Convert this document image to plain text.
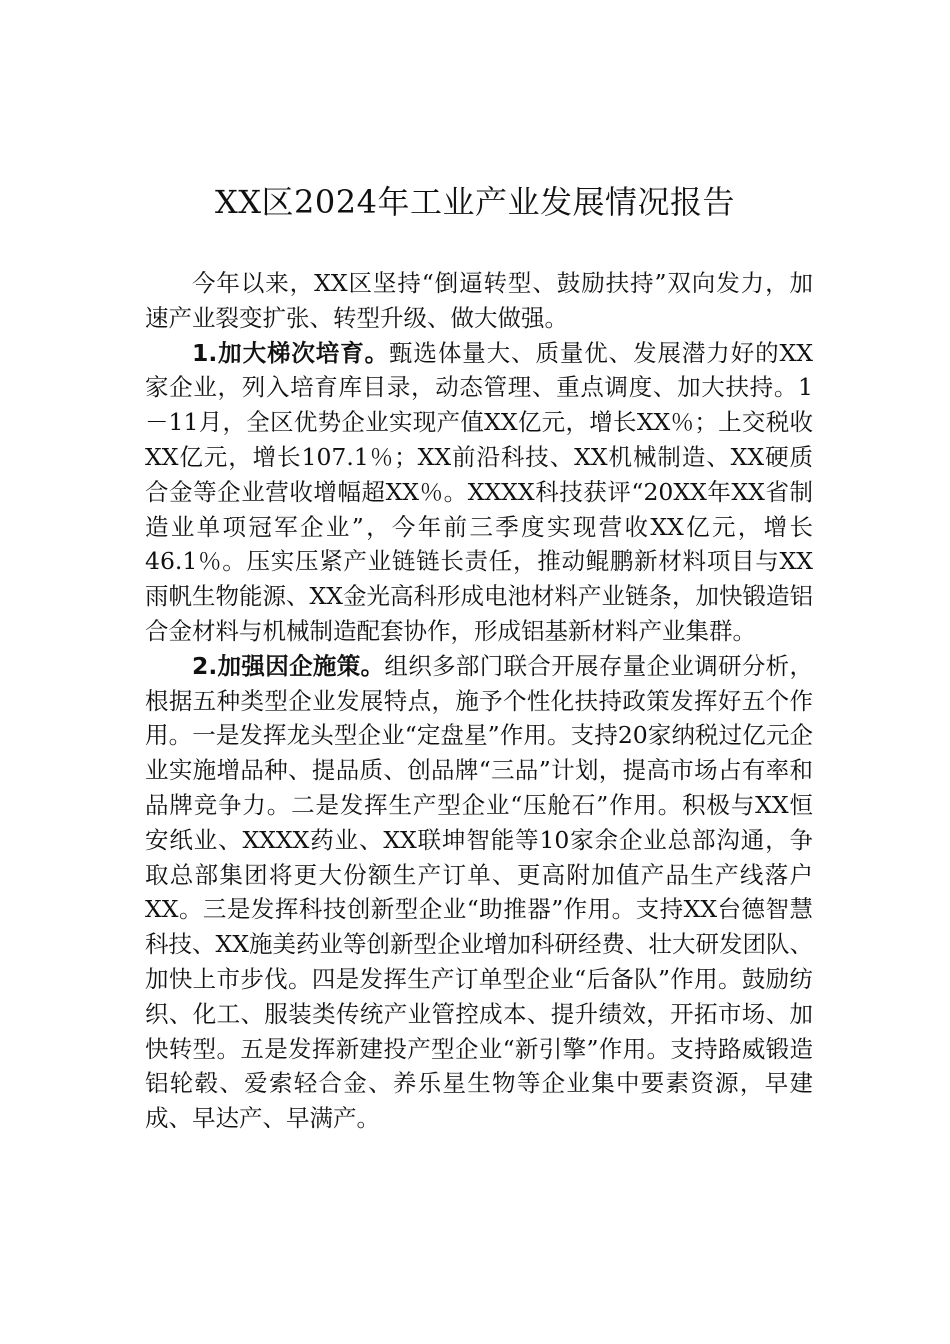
XX区2024年工业产业发展情况报告

今年以来，XX区坚持“倒逼转型、鼓励扶持”双向发力，加速产业裂变扩张、转型升级、做大做强。

1.加大梯次培育。甄选体量大、质量优、发展潜力好的XX家企业，列入培育库目录，动态管理、重点调度、加大扶持。1－11月，全区优势企业实现产值XX亿元，增长XX％；上交税收XX亿元，增长107.1％；XX前沿科技、XX机械制造、XX硬质合金等企业营收增幅超XX％。XXXX科技获评“20XX年XX省制造业单项冠军企业”，今年前三季度实现营收XX亿元，增长46.1％。压实压紧产业链链长责任，推动鲲鹏新材料项目与XX雨帆生物能源、XX金光高科形成电池材料产业链条，加快锻造铝合金材料与机械制造配套协作，形成铝基新材料产业集群。

2.加强因企施策。组织多部门联合开展存量企业调研分析，根据五种类型企业发展特点，施予个性化扶持政策发挥好五个作用。一是发挥龙头型企业“定盘星”作用。支持20家纳税过亿元企业实施增品种、提品质、创品牌“三品”计划，提高市场占有率和品牌竞争力。二是发挥生产型企业“压舱石”作用。积极与XX恒安纸业、XXXX药业、XX联坤智能等10家余企业总部沟通，争取总部集团将更大份额生产订单、更高附加值产品生产线落户XX。三是发挥科技创新型企业“助推器”作用。支持XX台德智慧科技、XX施美药业等创新型企业增加科研经费、壮大研发团队、加快上市步伐。四是发挥生产订单型企业“后备队”作用。鼓励纺织、化工、服装类传统产业管控成本、提升绩效，开拓市场、加快转型。五是发挥新建投产型企业“新引擎”作用。支持路威锻造铝轮毂、爱索轻合金、养乐星生物等企业集中要素资源，早建成、早达产、早满产。
